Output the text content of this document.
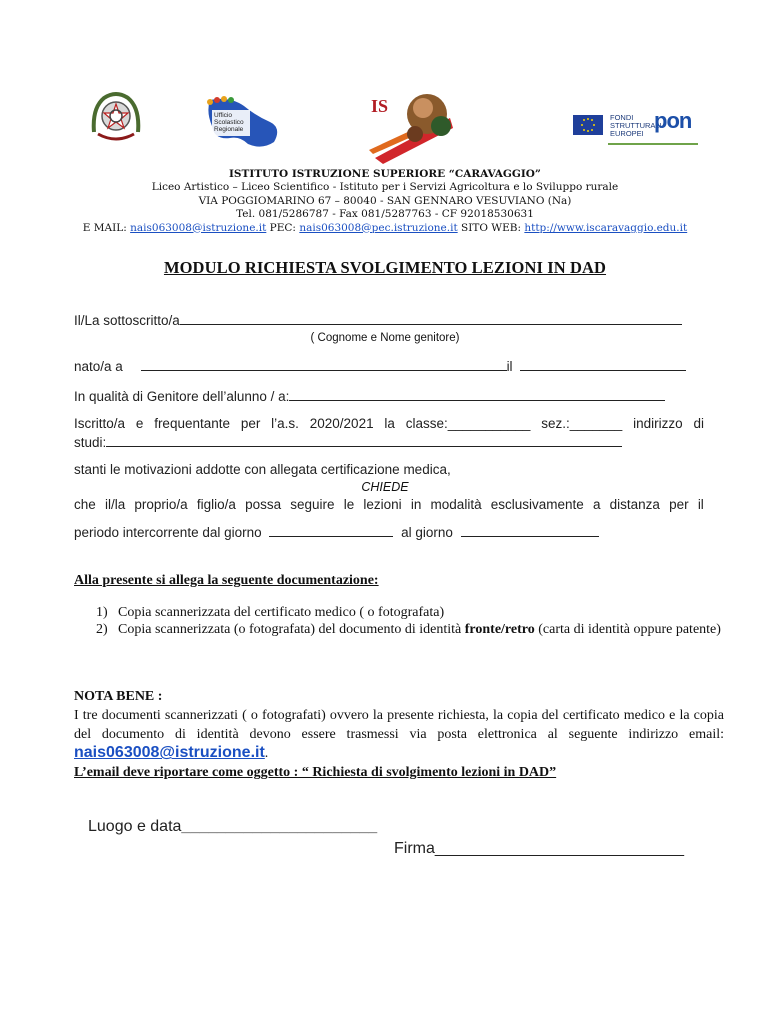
Ufficio
Scolastico
Regionale
IS
FONDI
STRUTTURALI
EUROPEI
pon
ISTITUTO ISTRUZIONE SUPERIORE “CARAVAGGIO”
Liceo Artistico – Liceo Scientifico - Istituto per i Servizi Agricoltura e lo Sviluppo rurale
VIA POGGIOMARINO 67 – 80040 - SAN GENNARO VESUVIANO (Na)
Tel. 081/5286787 - Fax 081/5287763 - CF 92018530631
E MAIL: nais063008@istruzione.it PEC: nais063008@pec.istruzione.it SITO WEB: http://www.iscaravaggio.edu.it
MODULO RICHIESTA SVOLGIMENTO LEZIONI IN DAD
Il/La sottoscritto/a
( Cognome e Nome genitore)
nato/a a	il
In qualità di Genitore dell’alunno / a:
Iscritto/a e frequentante per l’a.s. 2020/2021 la classe:___________ sez.:_______ indirizzo di
studi:
stanti le motivazioni addotte con allegata certificazione medica,
CHIEDE
che il/la proprio/a figlio/a possa seguire le lezioni in modalità esclusivamente a distanza per il
periodo intercorrente dal giorno	al giorno
Alla presente si allega la seguente documentazione:
1) Copia scannerizzata del certificato medico ( o fotografata)
2) Copia scannerizzata (o fotografata) del documento di identità fronte/retro (carta di identità oppure patente)
NOTA BENE :
I tre documenti scannerizzati ( o fotografati) ovvero la presente richiesta, la copia del certificato medico e la copia del documento di identità devono essere trasmessi via posta elettronica al seguente indirizzo email: nais063008@istruzione.it.
L’email deve riportare come oggetto : “ Richiesta di svolgimento lezioni in DAD”
Luogo e data______________________
Firma____________________________
